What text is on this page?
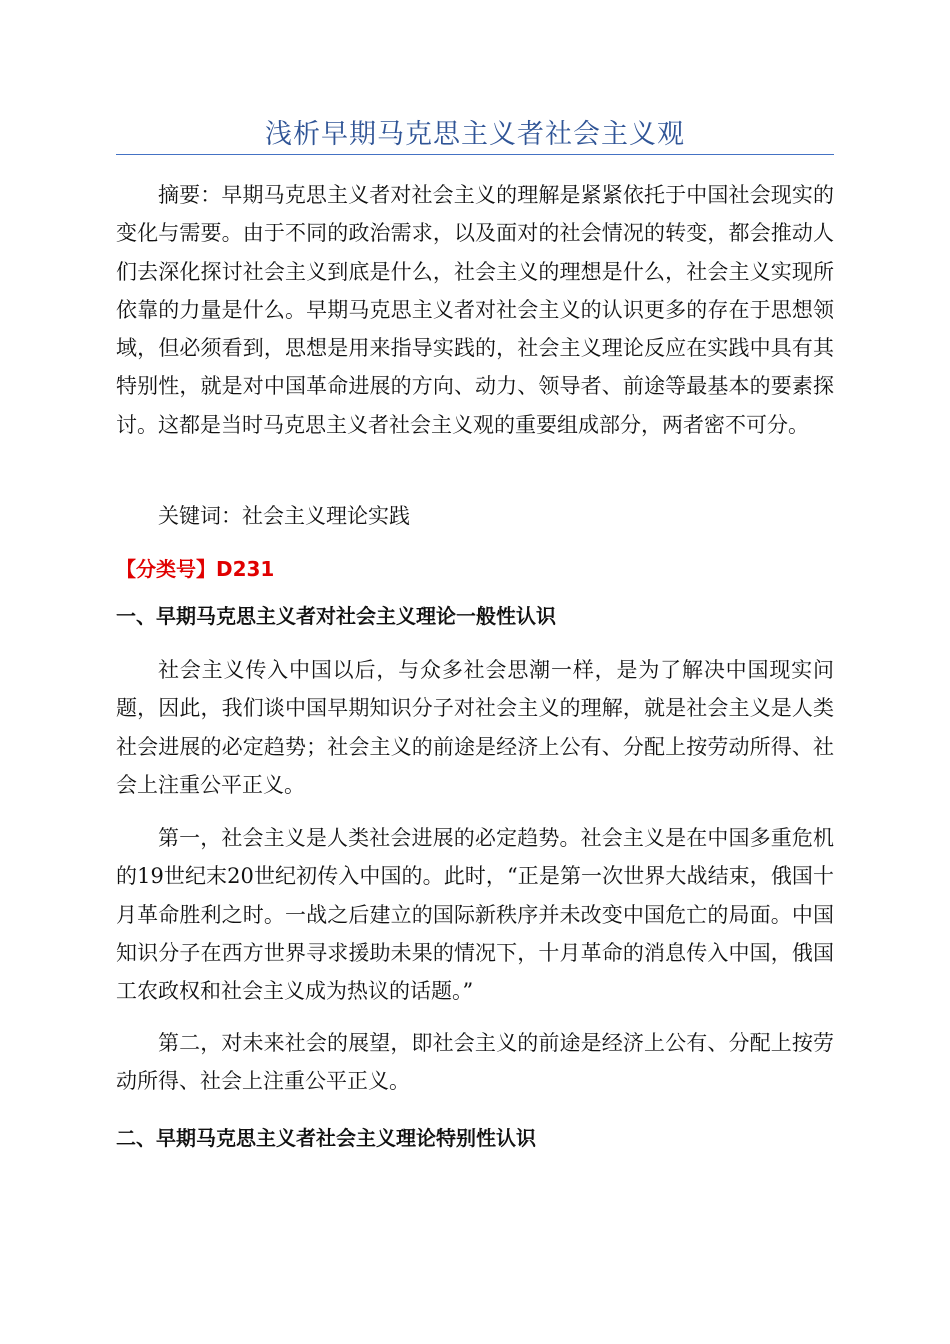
浅析早期马克思主义者社会主义观

摘要：早期马克思主义者对社会主义的理解是紧紧依托于中国社会现实的变化与需要。由于不同的政治需求，以及面对的社会情况的转变，都会推动人们去深化探讨社会主义到底是什么，社会主义的理想是什么，社会主义实现所依靠的力量是什么。早期马克思主义者对社会主义的认识更多的存在于思想领域，但必须看到，思想是用来指导实践的，社会主义理论反应在实践中具有其特别性，就是对中国革命进展的方向、动力、领导者、前途等最基本的要素探讨。这都是当时马克思主义者社会主义观的重要组成部分，两者密不可分。

关键词：社会主义理论实践

【分类号】D231
一、早期马克思主义者对社会主义理论一般性认识

社会主义传入中国以后，与众多社会思潮一样，是为了解决中国现实问题，因此，我们谈中国早期知识分子对社会主义的理解，就是社会主义是人类社会进展的必定趋势；社会主义的前途是经济上公有、分配上按劳动所得、社会上注重公平正义。

第一，社会主义是人类社会进展的必定趋势。社会主义是在中国多重危机的19世纪末20世纪初传入中国的。此时，“正是第一次世界大战结束，俄国十月革命胜利之时。一战之后建立的国际新秩序并未改变中国危亡的局面。中国知识分子在西方世界寻求援助未果的情况下，十月革命的消息传入中国，俄国工农政权和社会主义成为热议的话题。”

第二，对未来社会的展望，即社会主义的前途是经济上公有、分配上按劳动所得、社会上注重公平正义。

二、早期马克思主义者社会主义理论特别性认识
